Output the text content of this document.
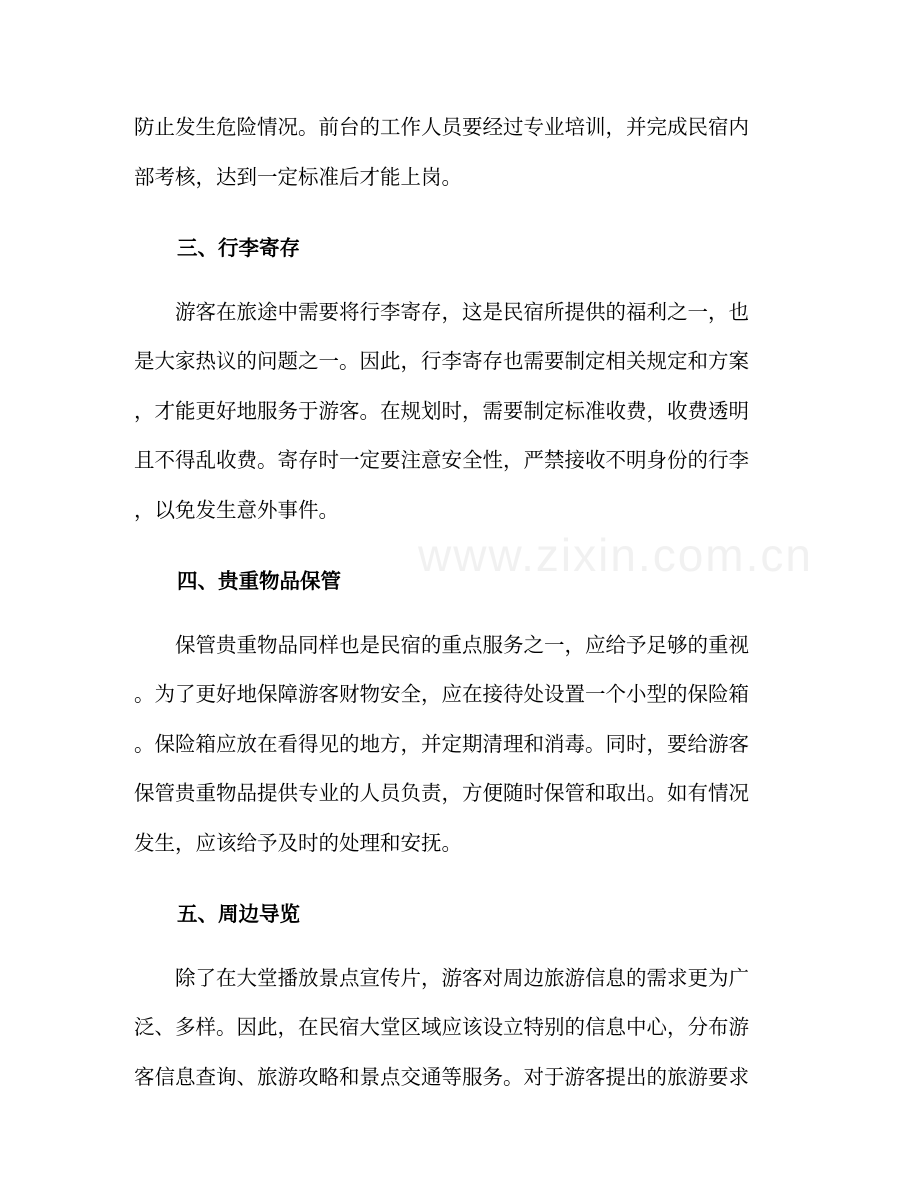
www.zixin.com.cn
防止发生危险情况。前台的工作人员要经过专业培训，并完成民宿内
部考核，达到一定标准后才能上岗。
三、行李寄存
游客在旅途中需要将行李寄存，这是民宿所提供的福利之一，也
是大家热议的问题之一。因此，行李寄存也需要制定相关规定和方案
，才能更好地服务于游客。在规划时，需要制定标准收费，收费透明
且不得乱收费。寄存时一定要注意安全性，严禁接收不明身份的行李
，以免发生意外事件。
四、贵重物品保管
保管贵重物品同样也是民宿的重点服务之一，应给予足够的重视
。为了更好地保障游客财物安全，应在接待处设置一个小型的保险箱
。保险箱应放在看得见的地方，并定期清理和消毒。同时，要给游客
保管贵重物品提供专业的人员负责，方便随时保管和取出。如有情况
发生，应该给予及时的处理和安抚。
五、周边导览
除了在大堂播放景点宣传片，游客对周边旅游信息的需求更为广
泛、多样。因此，在民宿大堂区域应该设立特别的信息中心，分布游
客信息查询、旅游攻略和景点交通等服务。对于游客提出的旅游要求
